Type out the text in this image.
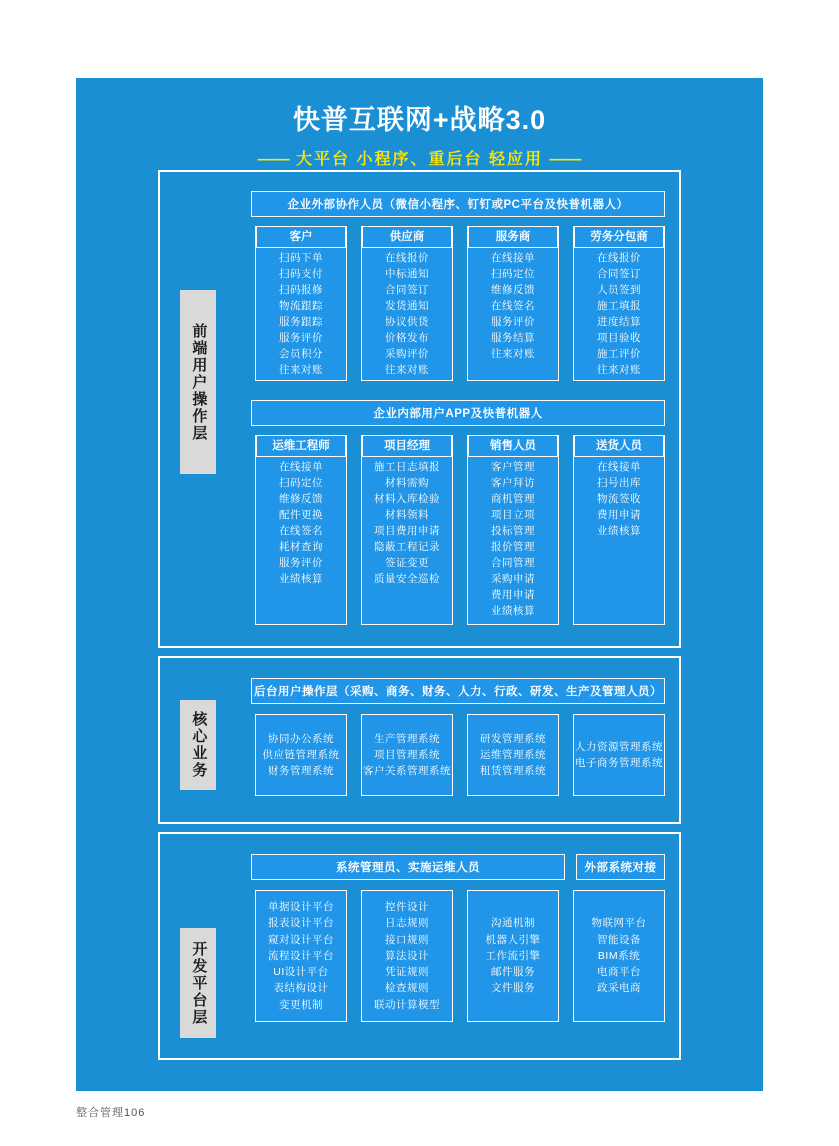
快普互联网+战略3.0
—— 大平台 小程序、重后台 轻应用 ——
前端用户操作层
核心业务
开发平台层
企业外部协作人员（微信小程序、钉钉或PC平台及快普机器人）
企业内部用户APP及快普机器人
后台用户操作层（采购、商务、财务、人力、行政、研发、生产及管理人员）
系统管理员、实施运维人员	外部系统对接
客户
扫码下单
扫码支付
扫码报修
物流跟踪
服务跟踪
服务评价
会员积分
往来对账
供应商
在线报价
中标通知
合同签订
发货通知
协议供货
价格发布
采购评价
往来对账
服务商
在线接单
扫码定位
维修反馈
在线签名
服务评价
服务结算
往来对账
劳务分包商
在线报价
合同签订
人员签到
施工填报
进度结算
项目验收
施工评价
往来对账
运维工程师
在线接单
扫码定位
维修反馈
配件更换
在线签名
耗材查询
服务评价
业绩核算
项目经理
施工日志填报
材料需购
材料入库检验
材料领料
项目费用申请
隐蔽工程记录
签证变更
质量安全巡检
销售人员
客户管理
客户拜访
商机管理
项目立项
投标管理
报价管理
合同管理
采购申请
费用申请
业绩核算
送货人员
在线接单
扫号出库
物流签收
费用申请
业绩核算
协同办公系统
供应链管理系统
财务管理系统
生产管理系统
项目管理系统
客户关系管理系统
研发管理系统
运维管理系统
租赁管理系统
人力资源管理系统
电子商务管理系统
单据设计平台
报表设计平台
窥对设计平台
流程设计平台
UI设计平台
表结构设计
变更机制
控件设计
日志规则
接口规则
算法设计
凭证规则
检查规则
联动计算模型
沟通机制
机器人引擎
工作流引擎
邮件服务
文件服务
物联网平台
智能设备
BIM系统
电商平台
政采电商
整合管理106
